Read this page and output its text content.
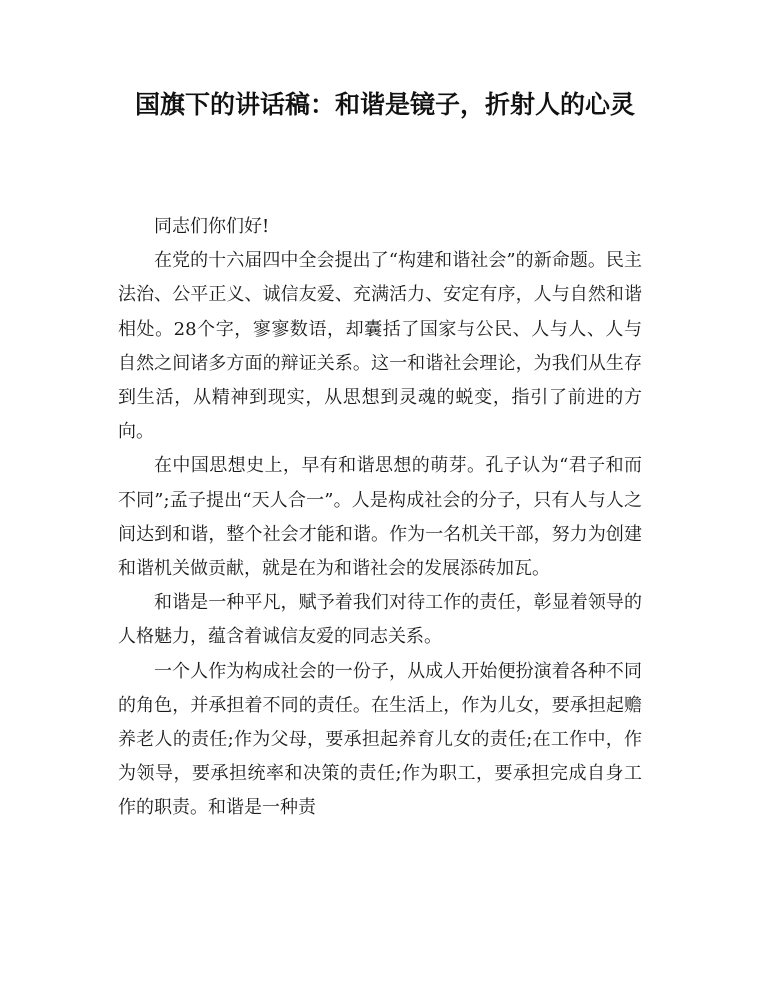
国旗下的讲话稿：和谐是镜子，折射人的心灵

同志们你们好!

在党的十六届四中全会提出了“构建和谐社会”的新命题。民主法治、公平正义、诚信友爱、充满活力、安定有序，人与自然和谐相处。28个字，寥寥数语，却囊括了国家与公民、人与人、人与自然之间诸多方面的辩证关系。这一和谐社会理论，为我们从生存到生活，从精神到现实，从思想到灵魂的蜕变，指引了前进的方向。

在中国思想史上，早有和谐思想的萌芽。孔子认为“君子和而不同”;孟子提出“天人合一”。人是构成社会的分子，只有人与人之间达到和谐，整个社会才能和谐。作为一名机关干部，努力为创建和谐机关做贡献，就是在为和谐社会的发展添砖加瓦。

和谐是一种平凡，赋予着我们对待工作的责任，彰显着领导的人格魅力，蕴含着诚信友爱的同志关系。

一个人作为构成社会的一份子，从成人开始便扮演着各种不同的角色，并承担着不同的责任。在生活上，作为儿女，要承担起赡养老人的责任;作为父母，要承担起养育儿女的责任;在工作中，作为领导，要承担统率和决策的责任;作为职工，要承担完成自身工作的职责。和谐是一种责
